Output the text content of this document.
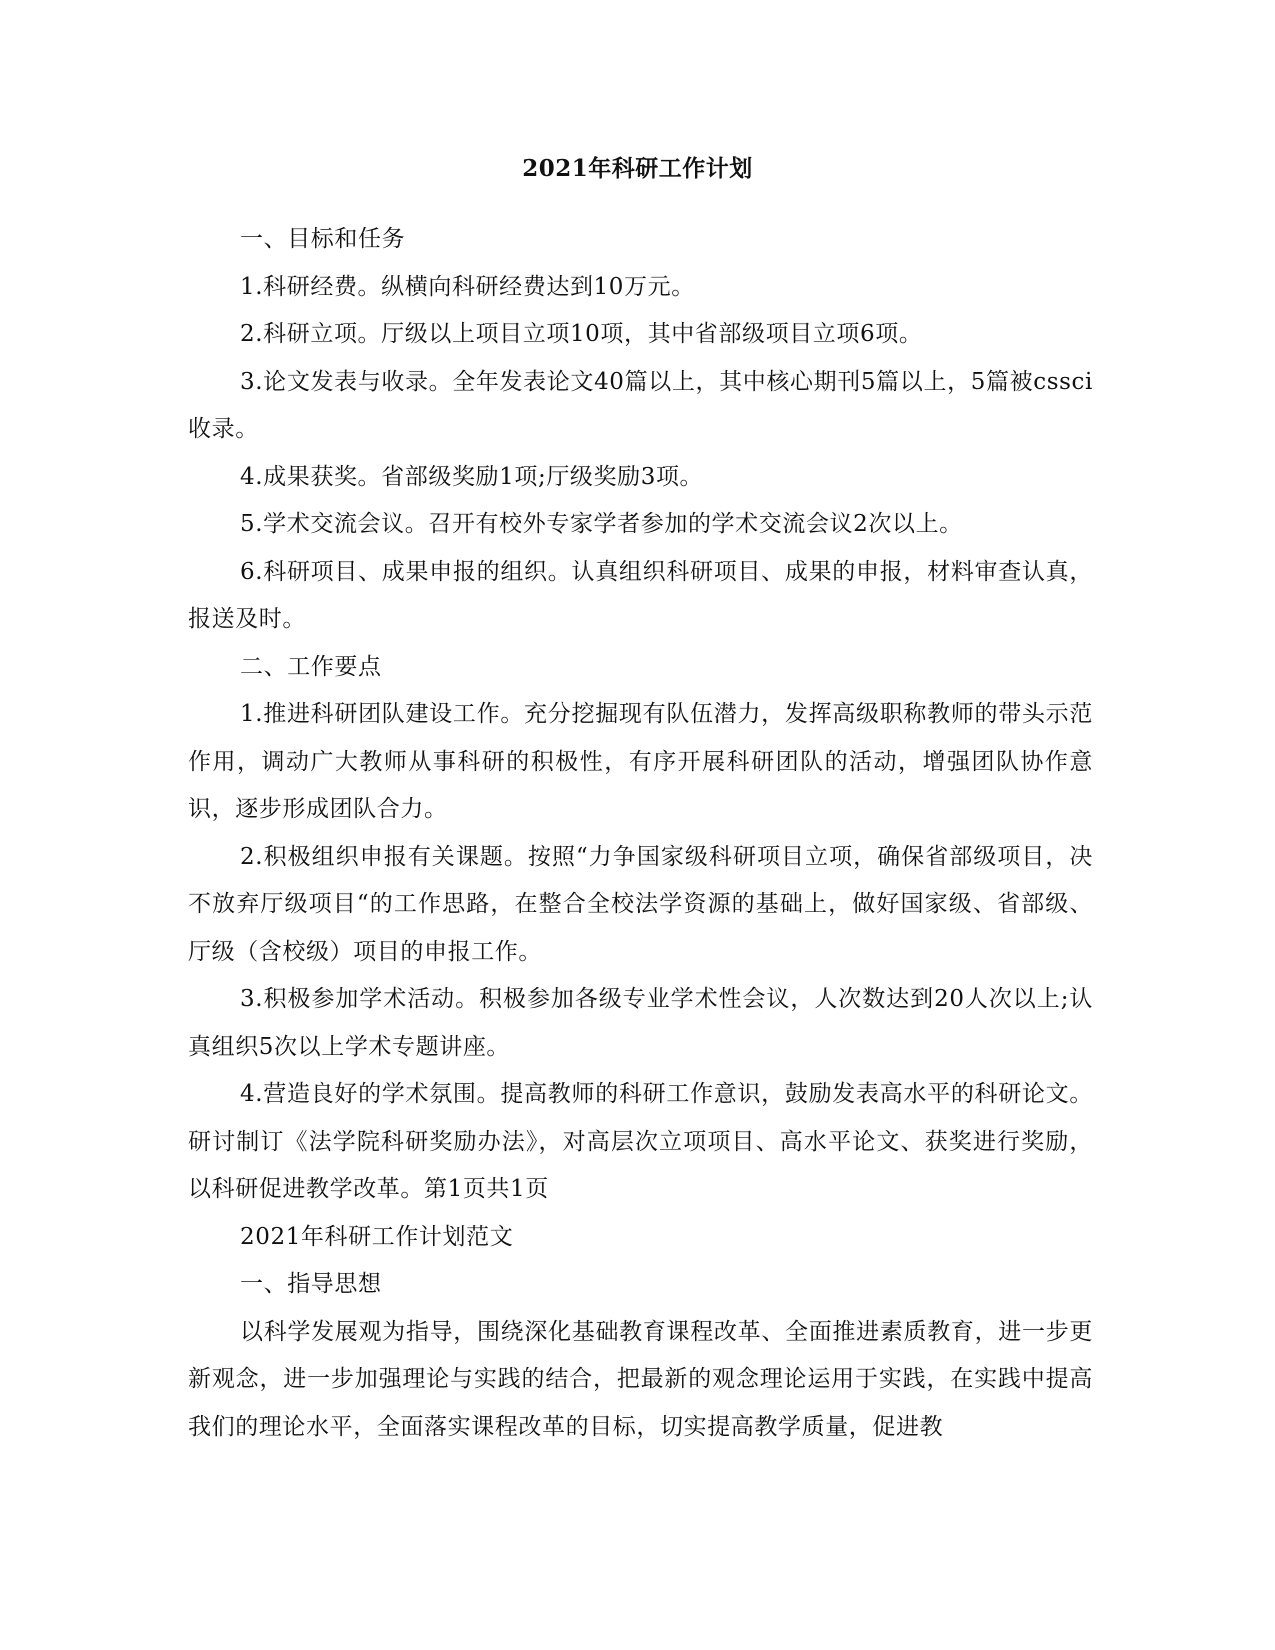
2021年科研工作计划

一、目标和任务

1.科研经费。纵横向科研经费达到10万元。

2.科研立项。厅级以上项目立项10项，其中省部级项目立项6项。

3.论文发表与收录。全年发表论文40篇以上，其中核心期刊5篇以上，5篇被cssci收录。

4.成果获奖。省部级奖励1项;厅级奖励3项。

5.学术交流会议。召开有校外专家学者参加的学术交流会议2次以上。

6.科研项目、成果申报的组织。认真组织科研项目、成果的申报，材料审查认真，报送及时。

二、工作要点

1.推进科研团队建设工作。充分挖掘现有队伍潜力，发挥高级职称教师的带头示范作用，调动广大教师从事科研的积极性，有序开展科研团队的活动，增强团队协作意识，逐步形成团队合力。

2.积极组织申报有关课题。按照“力争国家级科研项目立项，确保省部级项目，决不放弃厅级项目“的工作思路，在整合全校法学资源的基础上，做好国家级、省部级、厅级（含校级）项目的申报工作。

3.积极参加学术活动。积极参加各级专业学术性会议，人次数达到20人次以上;认真组织5次以上学术专题讲座。

4.营造良好的学术氛围。提高教师的科研工作意识，鼓励发表高水平的科研论文。研讨制订《法学院科研奖励办法》，对高层次立项项目、高水平论文、获奖进行奖励，以科研促进教学改革。第1页共1页

2021年科研工作计划范文

一、指导思想

以科学发展观为指导，围绕深化基础教育课程改革、全面推进素质教育，进一步更新观念，进一步加强理论与实践的结合，把最新的观念理论运用于实践，在实践中提高我们的理论水平，全面落实课程改革的目标，切实提高教学质量，促进教
